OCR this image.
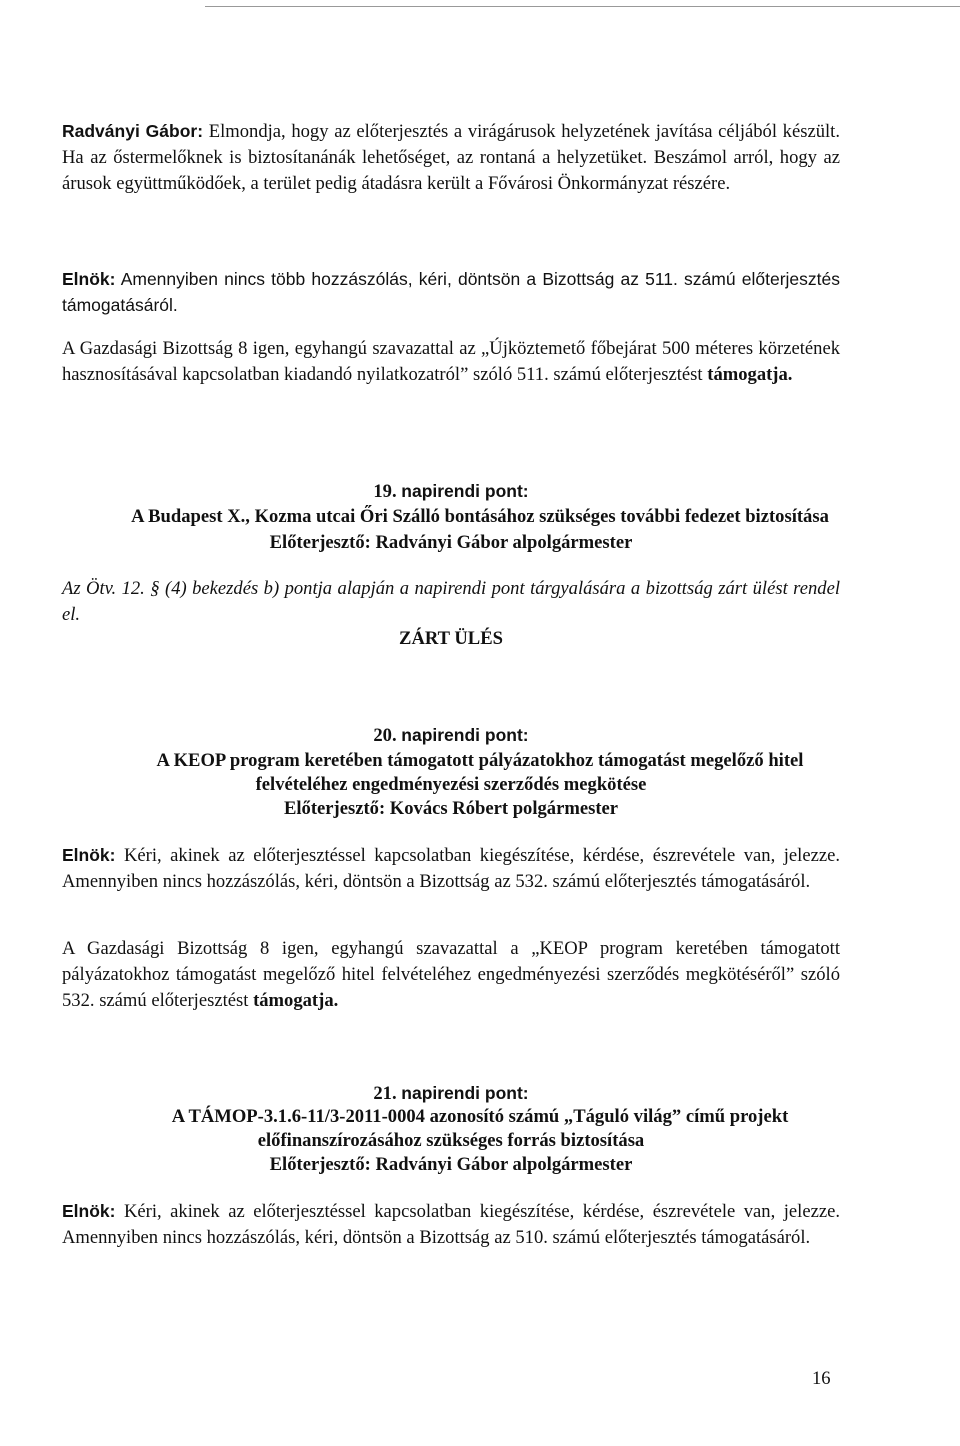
Radványi Gábor: Elmondja, hogy az előterjesztés a virágárusok helyzetének javítása céljából készült. Ha az őstermelőknek is biztosítanánák lehetőséget, az rontaná a helyzetüket. Beszámol arról, hogy az árusok együttműködőek, a terület pedig átadásra került a Fővárosi Önkormányzat részére.

Elnök: Amennyiben nincs több hozzászólás, kéri, döntsön a Bizottság az 511. számú előterjesztés támogatásáról.

A Gazdasági Bizottság 8 igen, egyhangú szavazattal az „Újköztemető főbejárat 500 méteres körzetének hasznosításával kapcsolatban kiadandó nyilatkozatról” szóló 511. számú előterjesztést támogatja.

19. napirendi pont:
A Budapest X., Kozma utcai Őri Szálló bontásához szükséges további fedezet biztosítása
Előterjesztő: Radványi Gábor alpolgármester

Az Ötv. 12. § (4) bekezdés b) pontja alapján a napirendi pont tárgyalására a bizottság zárt ülést rendel el.

ZÁRT ÜLÉS
20. napirendi pont:
A KEOP program keretében támogatott pályázatokhoz támogatást megelőző hitel
felvételéhez engedményezési szerződés megkötése
Előterjesztő: Kovács Róbert polgármester

Elnök: Kéri, akinek az előterjesztéssel kapcsolatban kiegészítése, kérdése, észrevétele van, jelezze. Amennyiben nincs hozzászólás, kéri, döntsön a Bizottság az 532. számú előterjesztés támogatásáról.

A Gazdasági Bizottság 8 igen, egyhangú szavazattal a „KEOP program keretében támogatott pályázatokhoz támogatást megelőző hitel felvételéhez engedményezési szerződés megkötéséről” szóló 532. számú előterjesztést támogatja.

21. napirendi pont:
A TÁMOP-3.1.6-11/3-2011-0004 azonosító számú „Táguló világ” című projekt
előfinanszírozásához szükséges forrás biztosítása
Előterjesztő: Radványi Gábor alpolgármester

Elnök: Kéri, akinek az előterjesztéssel kapcsolatban kiegészítése, kérdése, észrevétele van, jelezze. Amennyiben nincs hozzászólás, kéri, döntsön a Bizottság az 510. számú előterjesztés támogatásáról.

16
